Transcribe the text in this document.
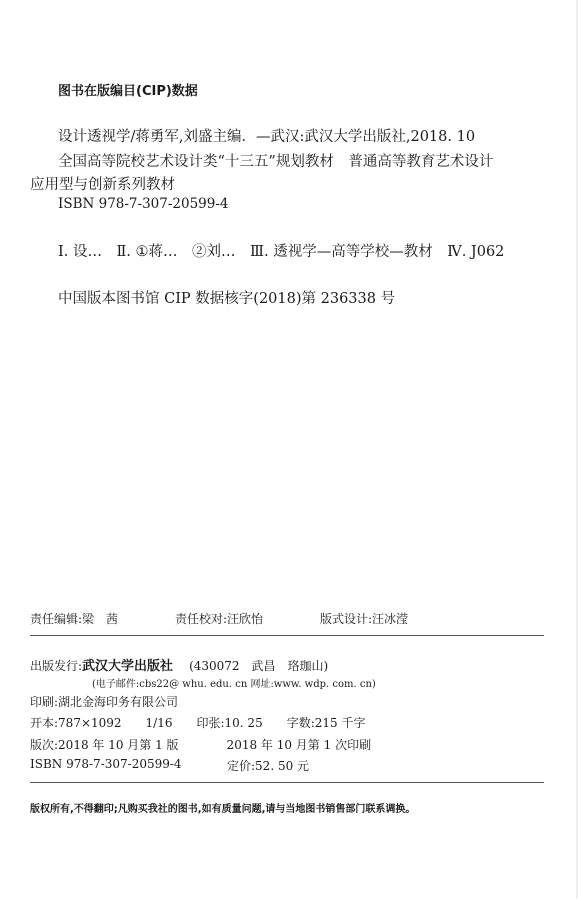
图书在版编目(CIP)数据

设计透视学/蒋勇军,刘盛主编．—武汉:武汉大学出版社,2018. 10

全国高等院校艺术设计类“十三五”规划教材　普通高等教育艺术设计

应用型与创新系列教材

ISBN 978-7-307-20599-4

Ⅰ. 设…　Ⅱ. ①蒋…　②刘…　Ⅲ. 透视学—高等学校—教材　Ⅳ. J062

中国版本图书馆 CIP 数据核字(2018)第 236338 号

责任编辑:梁　茜	责任校对:汪欣怡	版式设计:汪冰滢

出版发行:武汉大学出版社 (430072　武昌　珞珈山)

(电子邮件:cbs22@ whu. edu. cn 网址:www. wdp. com. cn)

印刷:湖北金海印务有限公司

开本:787×1092　　1/16　　印张:10. 25　　字数:215 千字

版次:2018 年 10 月第 1 版　　　　2018 年 10 月第 1 次印刷

ISBN 978-7-307-20599-4	定价:52. 50 元

版权所有,不得翻印;凡购买我社的图书,如有质量问题,请与当地图书销售部门联系调换。
